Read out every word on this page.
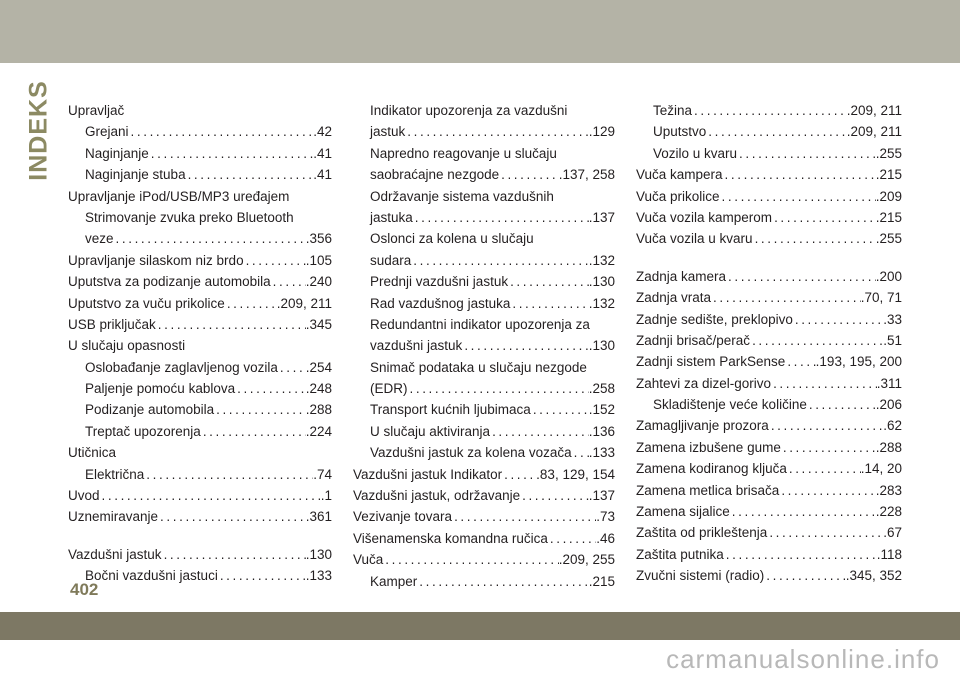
INDEKS Upravljač
Grejani .....	.42
Naginjanje .....	.41
Naginjanje stuba .....	.41
Upravljanje iPod/USB/MP3 uređajem
Strimovanje zvuka preko Bluetooth
veze .....	.356
Upravljanje silaskom niz brdo .....	.105
Uputstva za podizanje automobila .....	.240
Uputstvo za vuču prikolice .....	.209, 211
USB priključak .....	.345
U slučaju opasnosti
Oslobađanje zaglavljenog vozila ..... .254
Paljenje pomoću kablova .....	.248
Podizanje automobila .....	.288
Treptač upozorenja .....	.224
Utičnica
Električna .....	.74
Uvod .....	.1
Uznemiravanje .....	.361
Vazdušni jastuk .....	.130
Bočni vazdušni jastuci .....	.133
Indikator upozorenja za vazdušni
jastuk .....	.129
Napredno reagovanje u slučaju
saobraćajne nezgode .....	.137, 258
Održavanje sistema vazdušnih
jastuka .....	.137
Oslonci za kolena u slučaju
sudara .....	.132
Prednji vazdušni jastuk .....	.130
Rad vazdušnog jastuka .....	.132
Redundantni indikator upozorenja za
vazdušni jastuk .....	.130
Snimač podataka u slučaju nezgode
(EDR) .....	.258
Transport kućnih ljubimaca .....	.152
U slučaju aktiviranja .....	.136
Vazdušni jastuk za kolena vozača ..... .133
Vazdušni jastuk Indikator .....	.83, 129, 154
Vazdušni jastuk, održavanje .....	.137
Vezivanje tovara .....	.73
Višenamenska komandna ručica .....	.46
Vuča .....	.209, 255
Kamper .....	.215
Težina .....	.209, 211
Uputstvo .....	.209, 211
Vozilo u kvaru .....	.255
Vuča kampera .....	.215
Vuča prikolice .....	.209
Vuča vozila kamperom .....	.215
Vuča vozila u kvaru .....	.255
Zadnja kamera .....	.200
Zadnja vrata .....	.70, 71
Zadnje sedište, preklopivo .....	.33
Zadnji brisač/perač .....	.51
Zadnji sistem ParkSense ..... .193, 195, 200
Zahtevi za dizel-gorivo .....	.311
Skladištenje veće količine .....	.206
Zamagljivanje prozora .....	.62
Zamena izbušene gume .....	.288
Zamena kodiranog ključa .....	.14, 20
Zamena metlica brisača .....	.283
Zamena sijalice .....	.228
Zaštita od prikleštenja .....	.67
Zaštita putnika .....	.118
Zvučni sistemi (radio) .....	.345, 352
402
carmanualsonline.info
